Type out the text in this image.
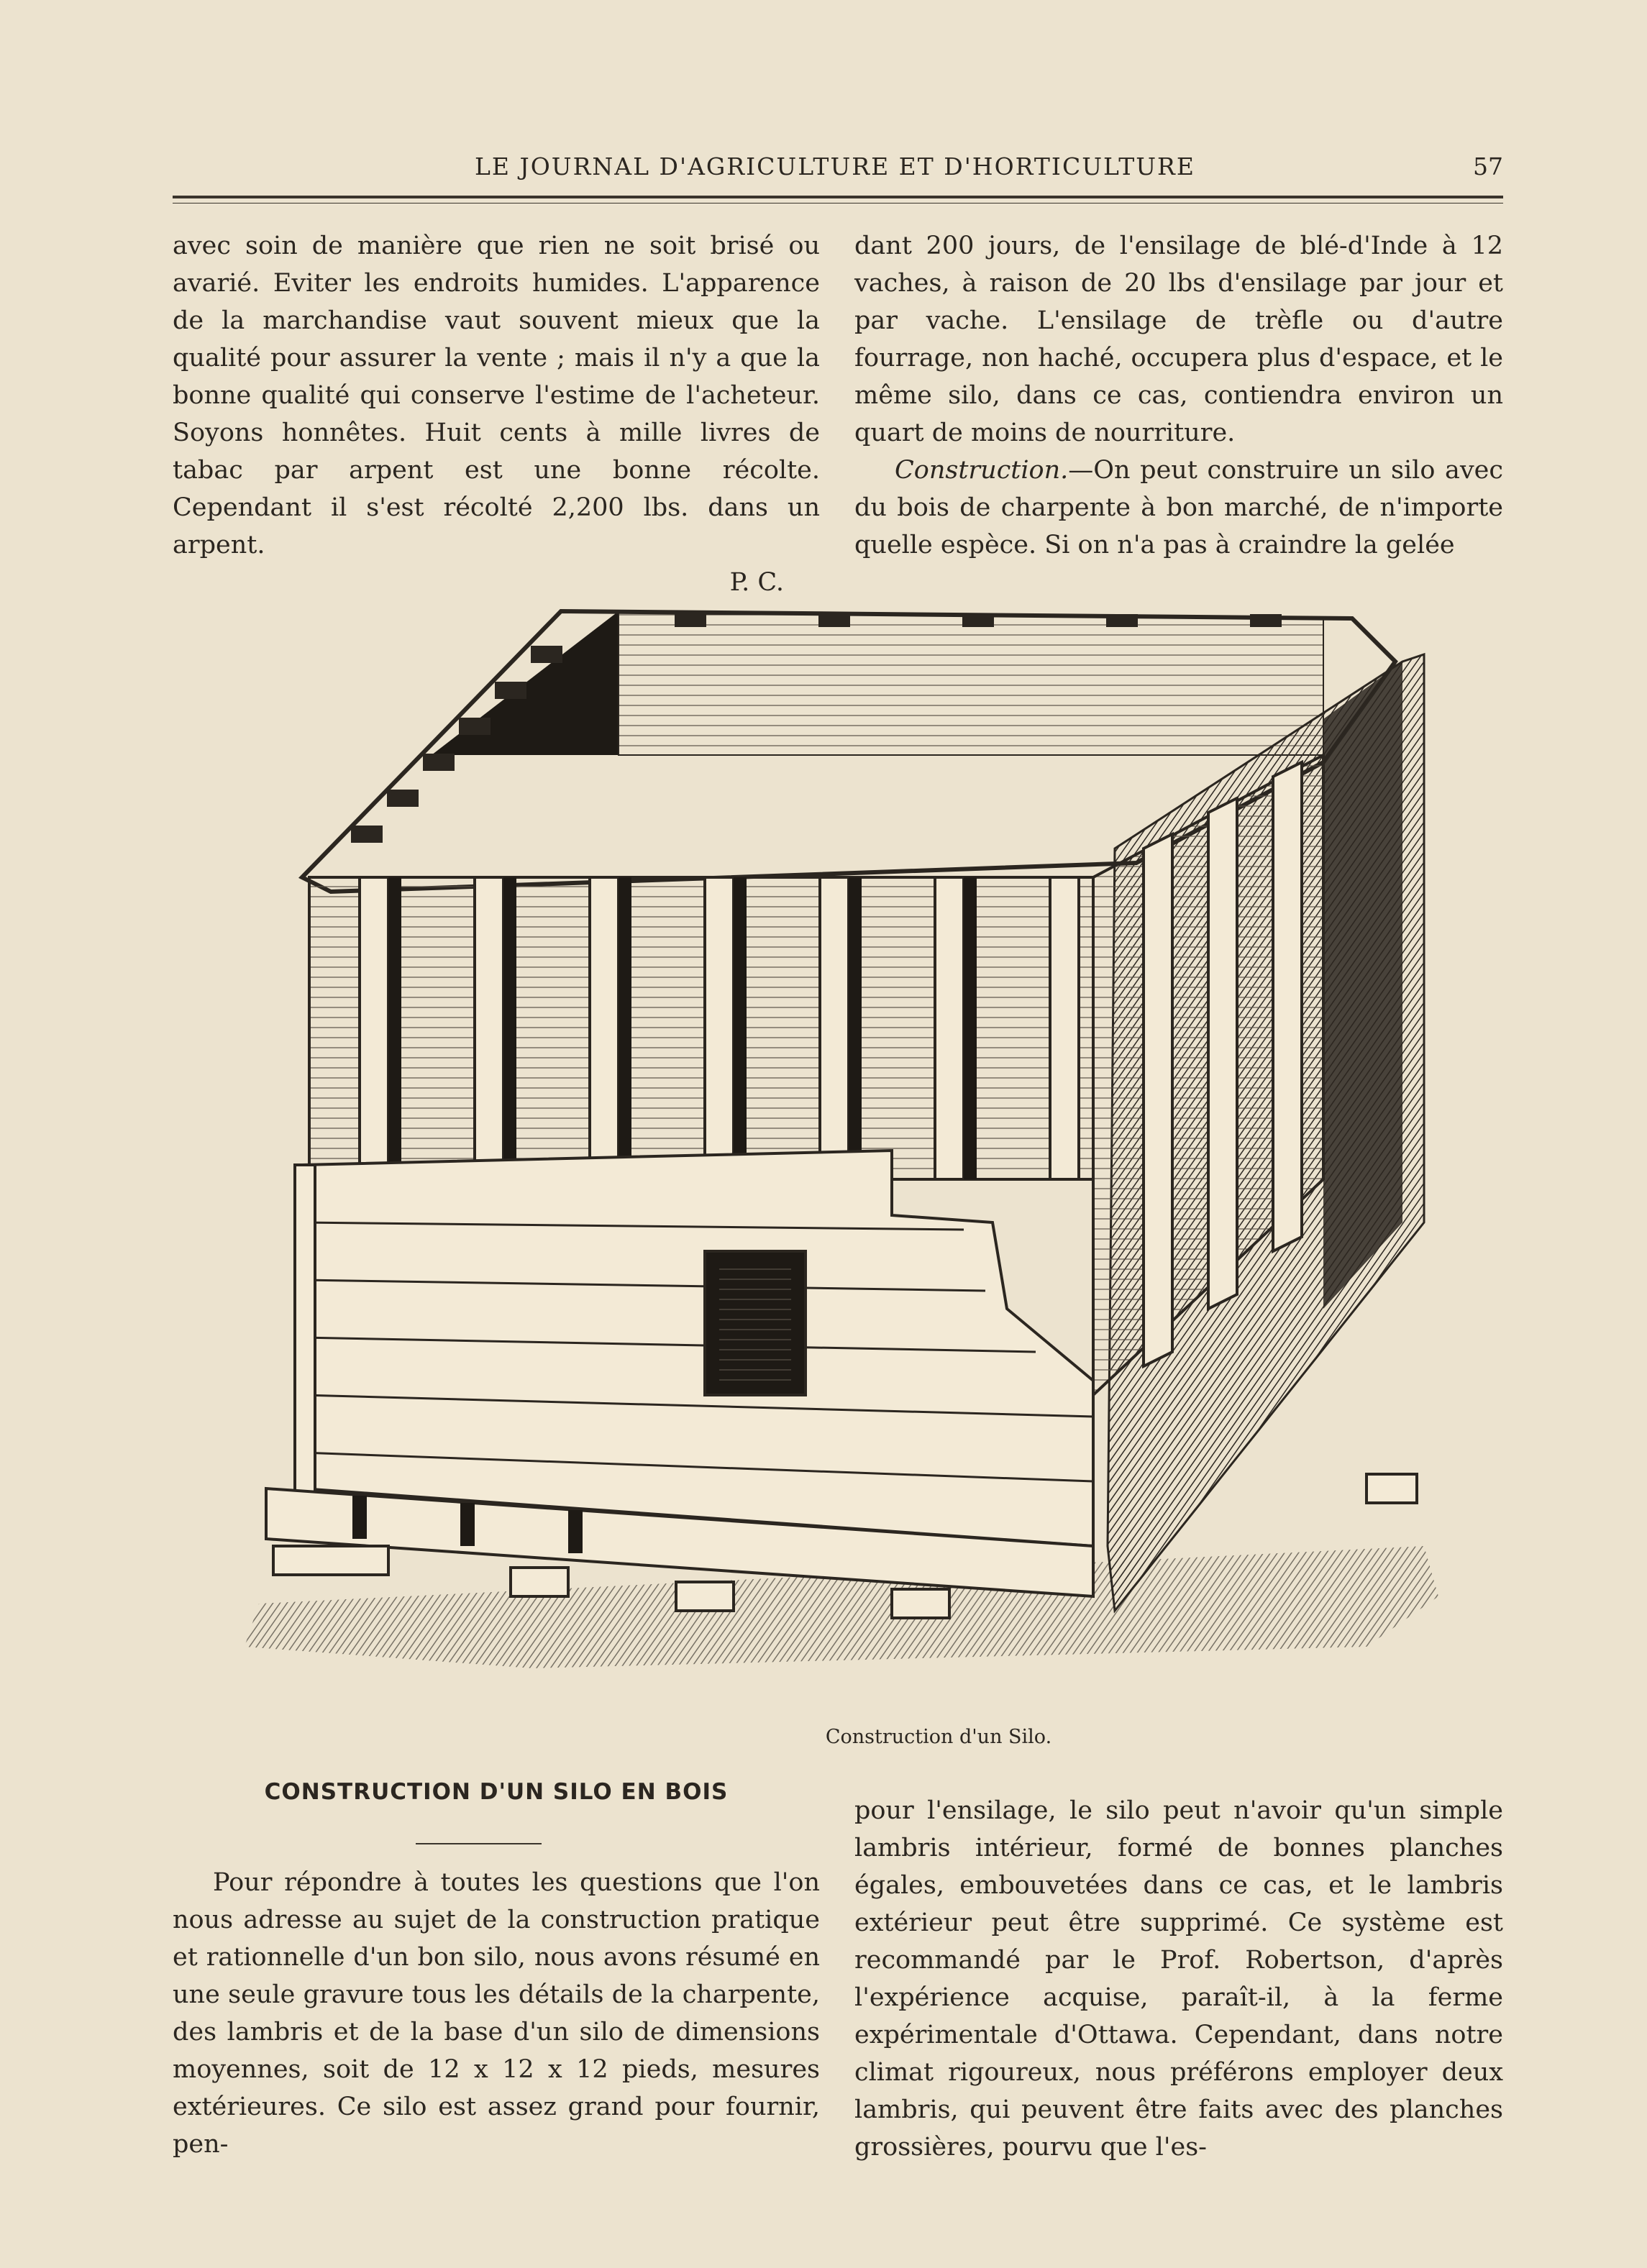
LE JOURNAL D'AGRICULTURE ET D'HORTICULTURE	57

avec soin de manière que rien ne soit brisé ou avarié. Eviter les endroits humides. L'apparence de la marchandise vaut souvent mieux que la qualité pour assurer la vente ; mais il n'y a que la bonne qualité qui conserve l'estime de l'acheteur. Soyons honnêtes. Huit cents à mille livres de tabac par arpent est une bonne récolte. Cependant il s'est récolté 2,200 lbs. dans un arpent.

P. C.

dant 200 jours, de l'ensilage de blé-d'Inde à 12 vaches, à raison de 20 lbs d'ensilage par jour et par vache. L'ensilage de trèfle ou d'autre fourrage, non haché, occupera plus d'espace, et le même silo, dans ce cas, contiendra environ un quart de moins de nourriture.

Construction.—On peut construire un silo avec du bois de charpente à bon marché, de n'importe quelle espèce. Si on n'a pas à craindre la gelée

Construction d'un Silo.
CONSTRUCTION D'UN SILO EN BOIS

Pour répondre à toutes les questions que l'on nous adresse au sujet de la construction pratique et rationnelle d'un bon silo, nous avons résumé en une seule gravure tous les détails de la charpente, des lambris et de la base d'un silo de dimensions moyennes, soit de 12 x 12 x 12 pieds, mesures extérieures. Ce silo est assez grand pour fournir, pen-

pour l'ensilage, le silo peut n'avoir qu'un simple lambris intérieur, formé de bonnes planches égales, embouvetées dans ce cas, et le lambris extérieur peut être supprimé. Ce système est recommandé par le Prof. Robertson, d'après l'expérience acquise, paraît-il, à la ferme expérimentale d'Ottawa. Cependant, dans notre climat rigoureux, nous préférons employer deux lambris, qui peuvent être faits avec des planches grossières, pourvu que l'es-
